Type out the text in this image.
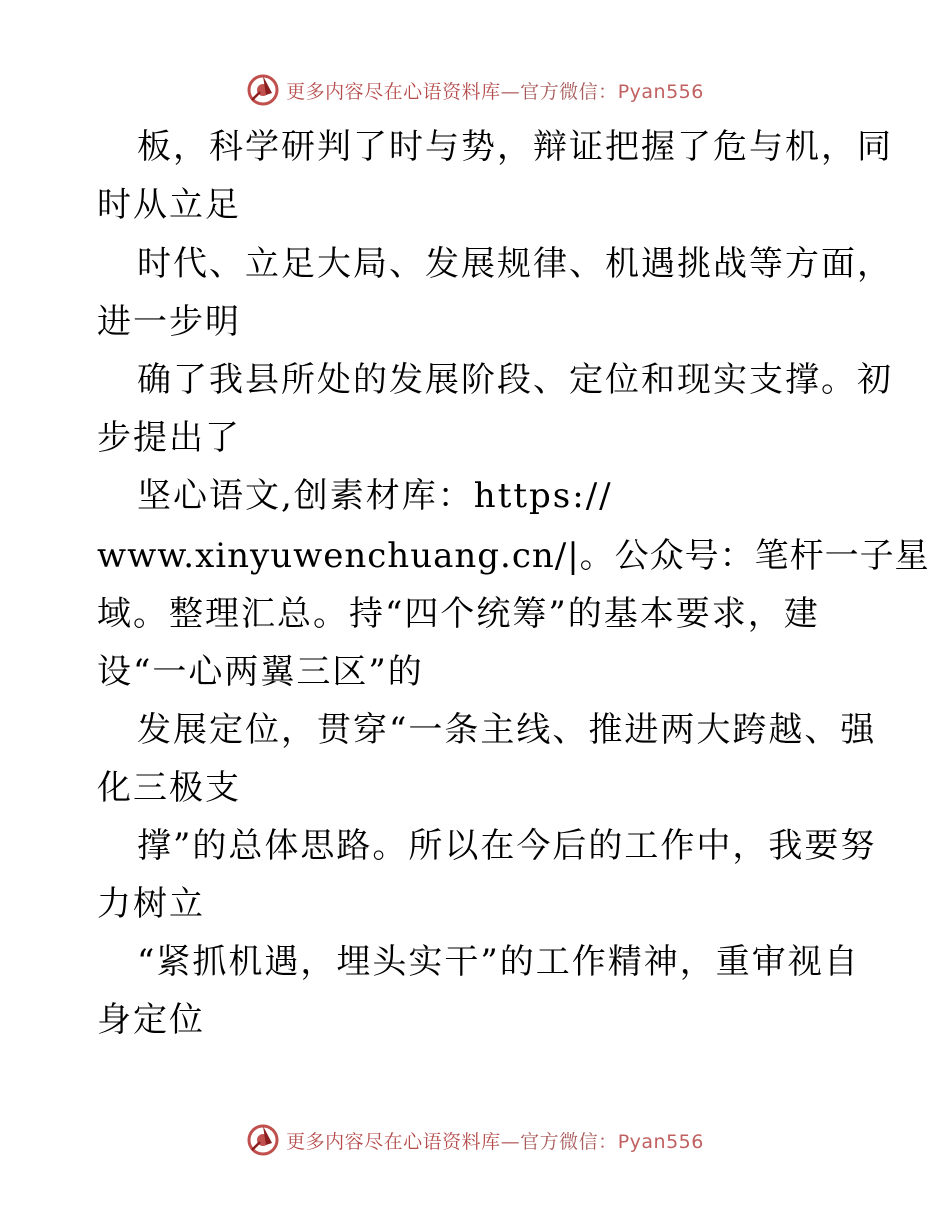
更多内容尽在心语资料库—官方微信：Pyan556
板，科学研判了时与势，辩证把握了危与机，同
时从立足
时代、立足大局、发展规律、机遇挑战等方面，
进一步明
确了我县所处的发展阶段、定位和现实支撑。初
步提出了
坚心语文,创素材库：https://
www.xinyuwenchuang.cn/|。公众号：笔杆一子星
域。整理汇总。持“四个统筹”的基本要求，建
设“一心两翼三区”的
发展定位，贯穿“一条主线、推进两大跨越、强
化三极支
撑”的总体思路。所以在今后的工作中，我要努
力树立
“紧抓机遇，埋头实干”的工作精神，重审视自
身定位
更多内容尽在心语资料库—官方微信：Pyan556
